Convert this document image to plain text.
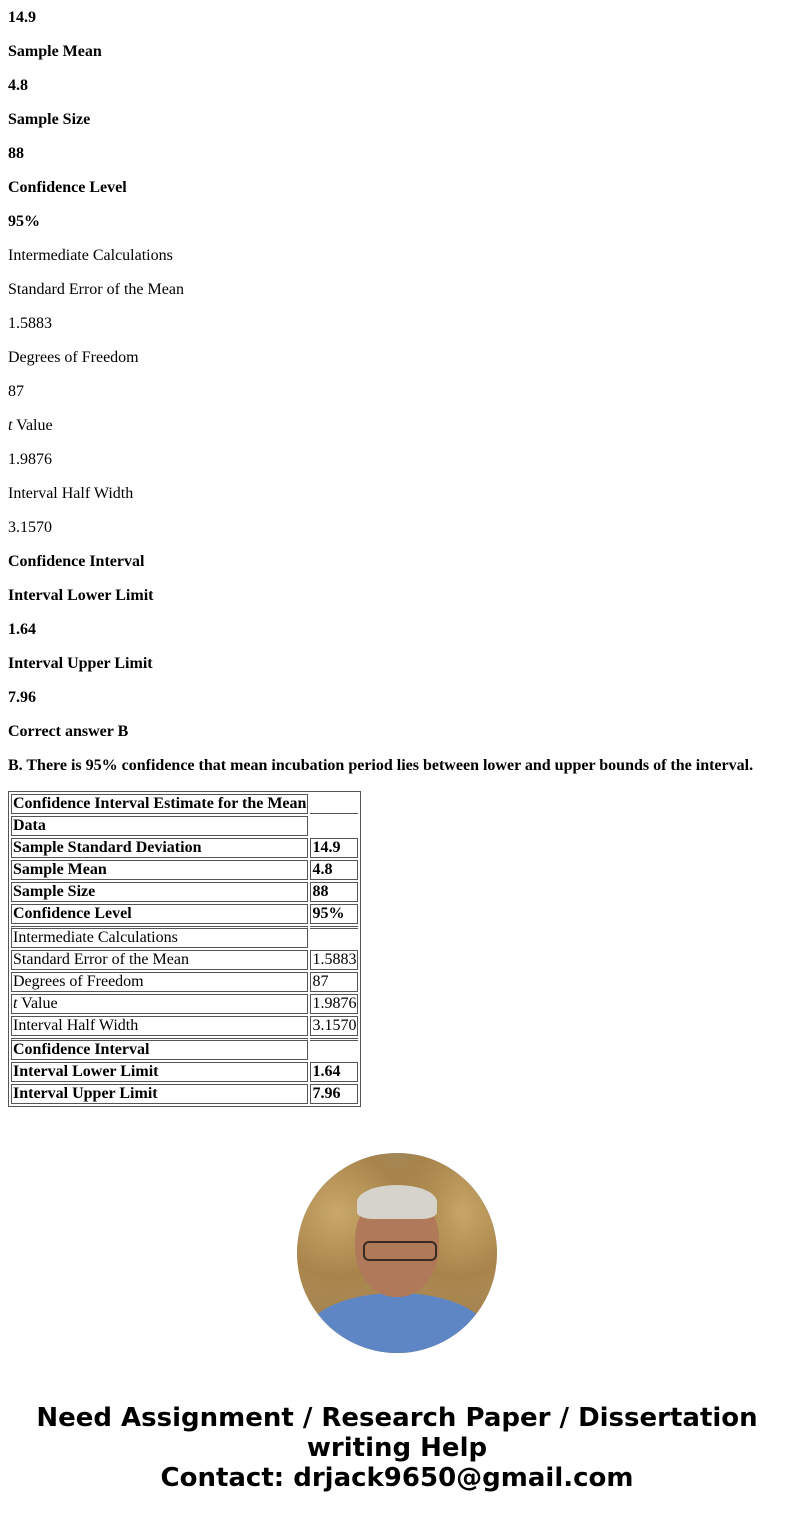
14.9
Sample Mean
4.8
Sample Size
88
Confidence Level
95%
Intermediate Calculations
Standard Error of the Mean
1.5883
Degrees of Freedom
87
t Value
1.9876
Interval Half Width
3.1570
Confidence Interval
Interval Lower Limit
1.64
Interval Upper Limit
7.96
Correct answer B
B. There is 95% confidence that mean incubation period lies between lower and upper bounds of the interval.
Confidence Interval Estimate for the Mean	
Data	
Sample Standard Deviation	14.9
Sample Mean	4.8
Sample Size	88
Confidence Level	95%
Intermediate Calculations	
Standard Error of the Mean	1.5883
Degrees of Freedom	87
t Value	1.9876
Interval Half Width	3.1570
Confidence Interval	
Interval Lower Limit	1.64
Interval Upper Limit	7.96
Need Assignment / Research Paper / Dissertation
writing Help
Contact: drjack9650@gmail.com
